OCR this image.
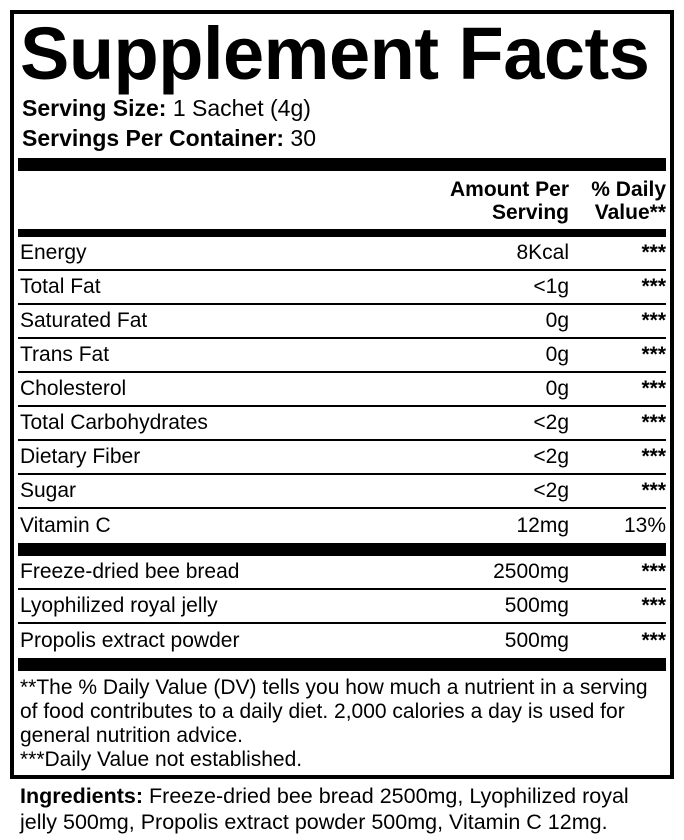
Supplement Facts
Serving Size: 1 Sachet (4g)
Servings Per Container: 30
Amount Per
Serving
% Daily
Value**
Energy	8Kcal	***
Total Fat	<1g	***
Saturated Fat	0g	***
Trans Fat	0g	***
Cholesterol	0g	***
Total Carbohydrates	<2g	***
Dietary Fiber	<2g	***
Sugar	<2g	***
Vitamin C	12mg	13%
Freeze-dried bee bread	2500mg	***
Lyophilized royal jelly	500mg	***
Propolis extract powder	500mg	***
**The % Daily Value (DV) tells you how much a nutrient in a serving of food contributes to a daily diet. 2,000 calories a day is used for general nutrition advice.
***Daily Value not established.

Ingredients: Freeze-dried bee bread 2500mg, Lyophilized royal jelly 500mg, Propolis extract powder 500mg, Vitamin C 12mg.
